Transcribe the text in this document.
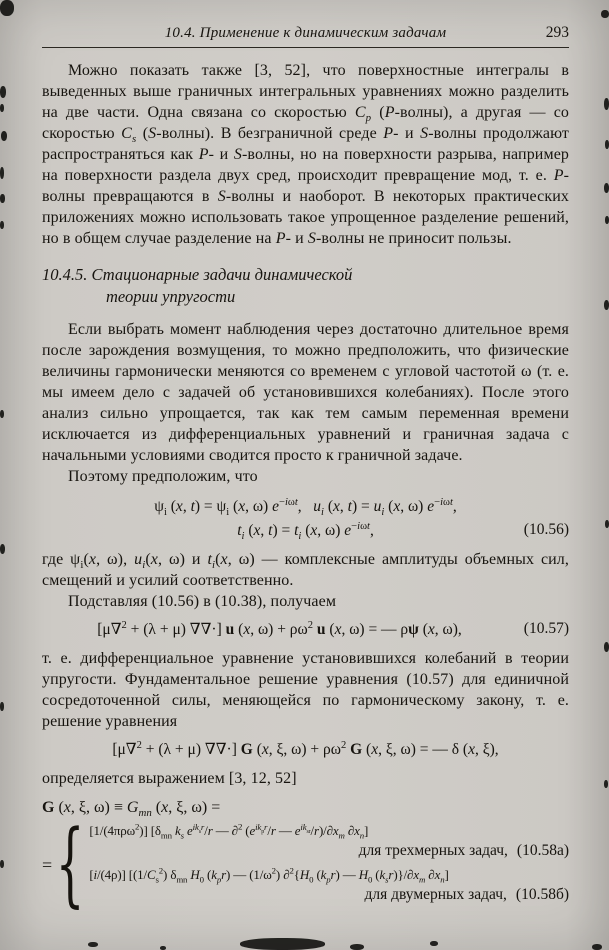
10.4. Применение к динамическим задачам	293

Можно показать также [3, 52], что поверхностные интегралы в выведенных выше граничных интегральных уравнениях можно разделить на две части. Одна связана со скоростью $C_p$ (P-волны), а другая — со скоростью $C_s$ (S-волны). В безграничной среде P- и S-волны продолжают распространяться как P- и S-волны, но на поверхности разрыва, например на поверхности раздела двух сред, происходит превращение мод, т. е. P-волны превращаются в S-волны и наоборот. В некоторых практических приложениях можно использовать такое упрощенное разделение решений, но в общем случае разделение на P- и S-волны не приносит пользы.

10.4.5. Стационарные задачи динамической
теории упругости

Если выбрать момент наблюдения через достаточно длительное время после зарождения возмущения, то можно предположить, что физические величины гармонически меняются со временем с угловой частотой ω (т. е. мы имеем дело с задачей об установившихся колебаниях). После этого анализ сильно упрощается, так как тем самым переменная времени исключается из дифференциальных уравнений и граничная задача с начальными условиями сводится просто к граничной задаче.

Поэтому предположим, что

$\psi_i$ (x, $t) = \psi_i$ (x, ω) $e^{-i\omega t}$,  $u_i$ (x, $t) = u_i$ (x, ω) $e^{-i\omega t}$,
$t_i$ (x, $t) = t_i$ (x, ω) $e^{-i\omega t}$,	(10.56)

где $\psi_i(x$, ω), $u_i(x$, ω) и $t_i(x$, ω) — комплексные амплитуды объемных сил, смещений и усилий соответственно.

Подставляя (10.56) в (10.38), получаем

[μ∇$^2$ + (λ + μ) ∇∇·] u (x, $\omega) + \rho\omega^2$ u (x, ω) = — ρψ (x, ω),	(10.57)

т. е. дифференциальное уравнение установившихся колебаний в теории упругости. Фундаментальное решение уравнения (10.57) для единичной сосредоточенной силы, меняющейся по гармоническому закону, т. е. решение уравнения

[μ∇$^2$ + (λ + μ) ∇∇·] G (x, ξ, $\omega) + \rho\omega^2$ G (x, ξ, ω) = — δ (x, ξ),

определяется выражением [3, 12, 52]

G (x, ξ, $\omega) \equiv G_{mn}$ (x, ξ, ω) =
= { [1/(4πρω$^2$)] [$\delta_{mn}$ $k_s$ $e^{ik_sr}/r$ — ∂$^2$ ($e^{ik_pr}/r$ — $e^{ik_{sr}}/r)/\partial x_m$ $\partial x_n$]
для трехмерных задач, (10.58а)
[i/(4ρ)] [$(1/C_s^2)$ $\delta_{mn}$ $H_0$ $(k_pr)$ — $(1/\omega^2)$ $\partial^2\{H_0$ $(k_pr)$ — $H_0$ $(k_sr)\}/\partial x_m$ $\partial x_n$]
для двумерных задач, (10.58б)
